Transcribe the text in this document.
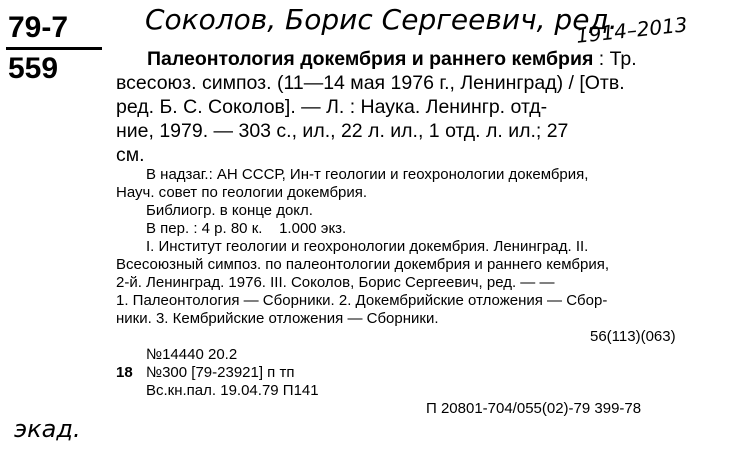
79-7
559
Соколов, Борис Сергеевич, ред.
1914–2013
экад.
Палеонтология докембрия и раннего кембрия : Тр.
всесоюз. симпоз. (11—14 мая 1976 г., Ленинград) / [Отв.
ред. Б. С. Соколов]. — Л. : Наука. Ленингр. отд-
ние, 1979. — 303 с., ил., 22 л. ил., 1 отд. л. ил.; 27
см.
В надзаг.: АН СССР, Ин-т геологии и геохронологии докембрия,
Науч. совет по геологии докембрия.
Библиогр. в конце докл.
В пер. : 4 р. 80 к.    1.000 экз.
I. Институт геологии и геохронологии докембрия. Ленинград. II.
Всесоюзный симпоз. по палеонтологии докембрия и раннего кембрия,
2-й. Ленинград. 1976. III. Соколов, Борис Сергеевич, ред. — —
1. Палеонтология — Сборники. 2. Докембрийские отложения — Сбор-
ники. 3. Кембрийские отложения — Сборники.
56(113)(063)
№14440 20.2
18 №300 [79-23921] п тп
Вс.кн.пал. 19.04.79 П141
П 20801-704/055(02)-79 399-78
